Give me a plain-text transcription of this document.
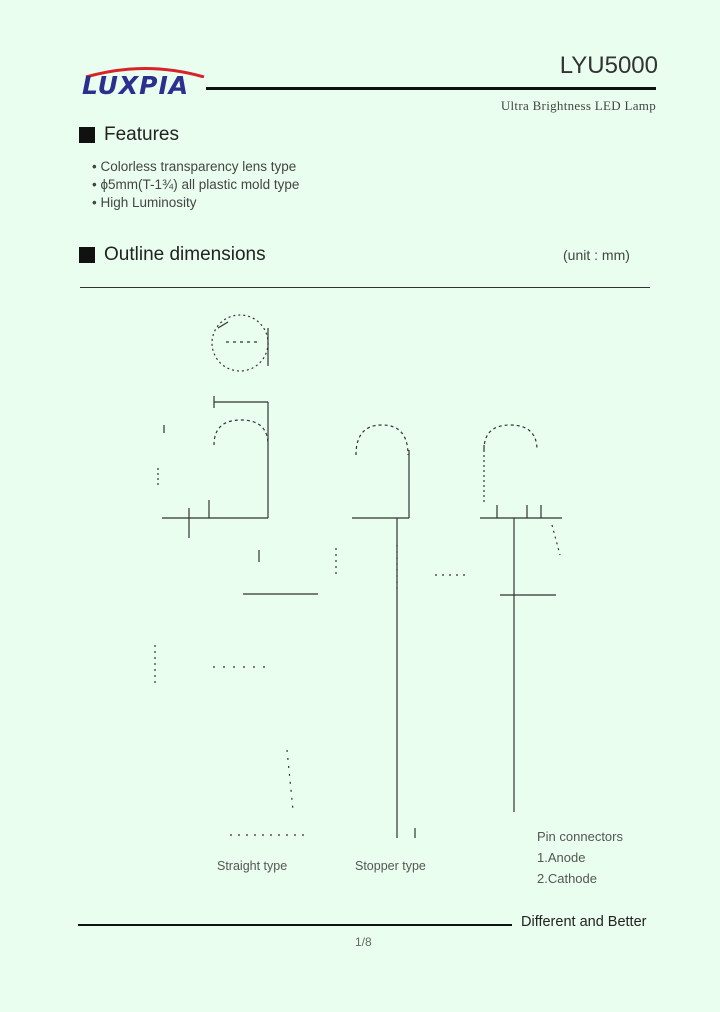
LUXPIA
LYU5000
Ultra Brightness LED Lamp
Features
• Colorless transparency lens type
• ϕ5mm(T-1¾) all plastic mold type
• High Luminosity
Outline dimensions	(unit : mm)
Straight type	Stopper type
Pin connectors
1.Anode
2.Cathode
Different and Better
1/8
